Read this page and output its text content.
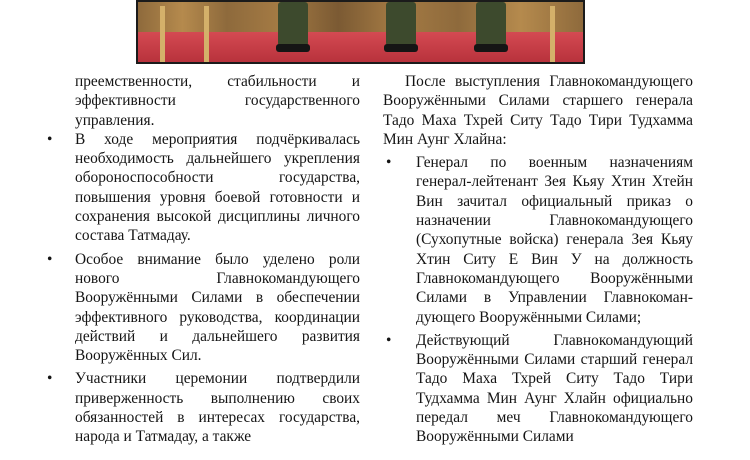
преемственности, стабильности и эффективности государственного управления.

• В ходе мероприятия подчёркивалась необходимость дальнейшего укрепления обороноспособности государства, повышения уровня боевой готовности и сохранения высокой дисциплины личного состава Татмадау.
• Особое внимание было уделено роли нового Главнокомандующего Вооружёнными Силами в обеспечении эффективного руководства, координации действий и дальнейшего развития Вооружённых Сил.
• Участники церемонии подтвердили приверженность выполнению своих обязанностей в интересах государства, народа и Татмадау, а также

После выступления Главнокомандующего Вооружёнными Силами старшего генерала Тадо Маха Тхрей Ситу Тадо Тири Тудхамма Мин Аунг Хлайна:

• Генерал по военным назначениям генерал-лейтенант Зея Кьяу Хтин Хтейн Вин зачитал официальный приказ о назначении Главнокомандующего (Сухопутные войска) генерала Зея Кьяу Хтин Ситу Е Вин У на должность Главнокомандующего Вооружёнными Силами в Управлении Главнокоман-дующего Вооружёнными Силами;
• Действующий Главнокомандующий Вооружёнными Силами старший генерал Тадо Маха Тхрей Ситу Тадо Тири Тудхамма Мин Аунг Хлайн официально передал меч Главнокомандующего Вооружёнными Силами
